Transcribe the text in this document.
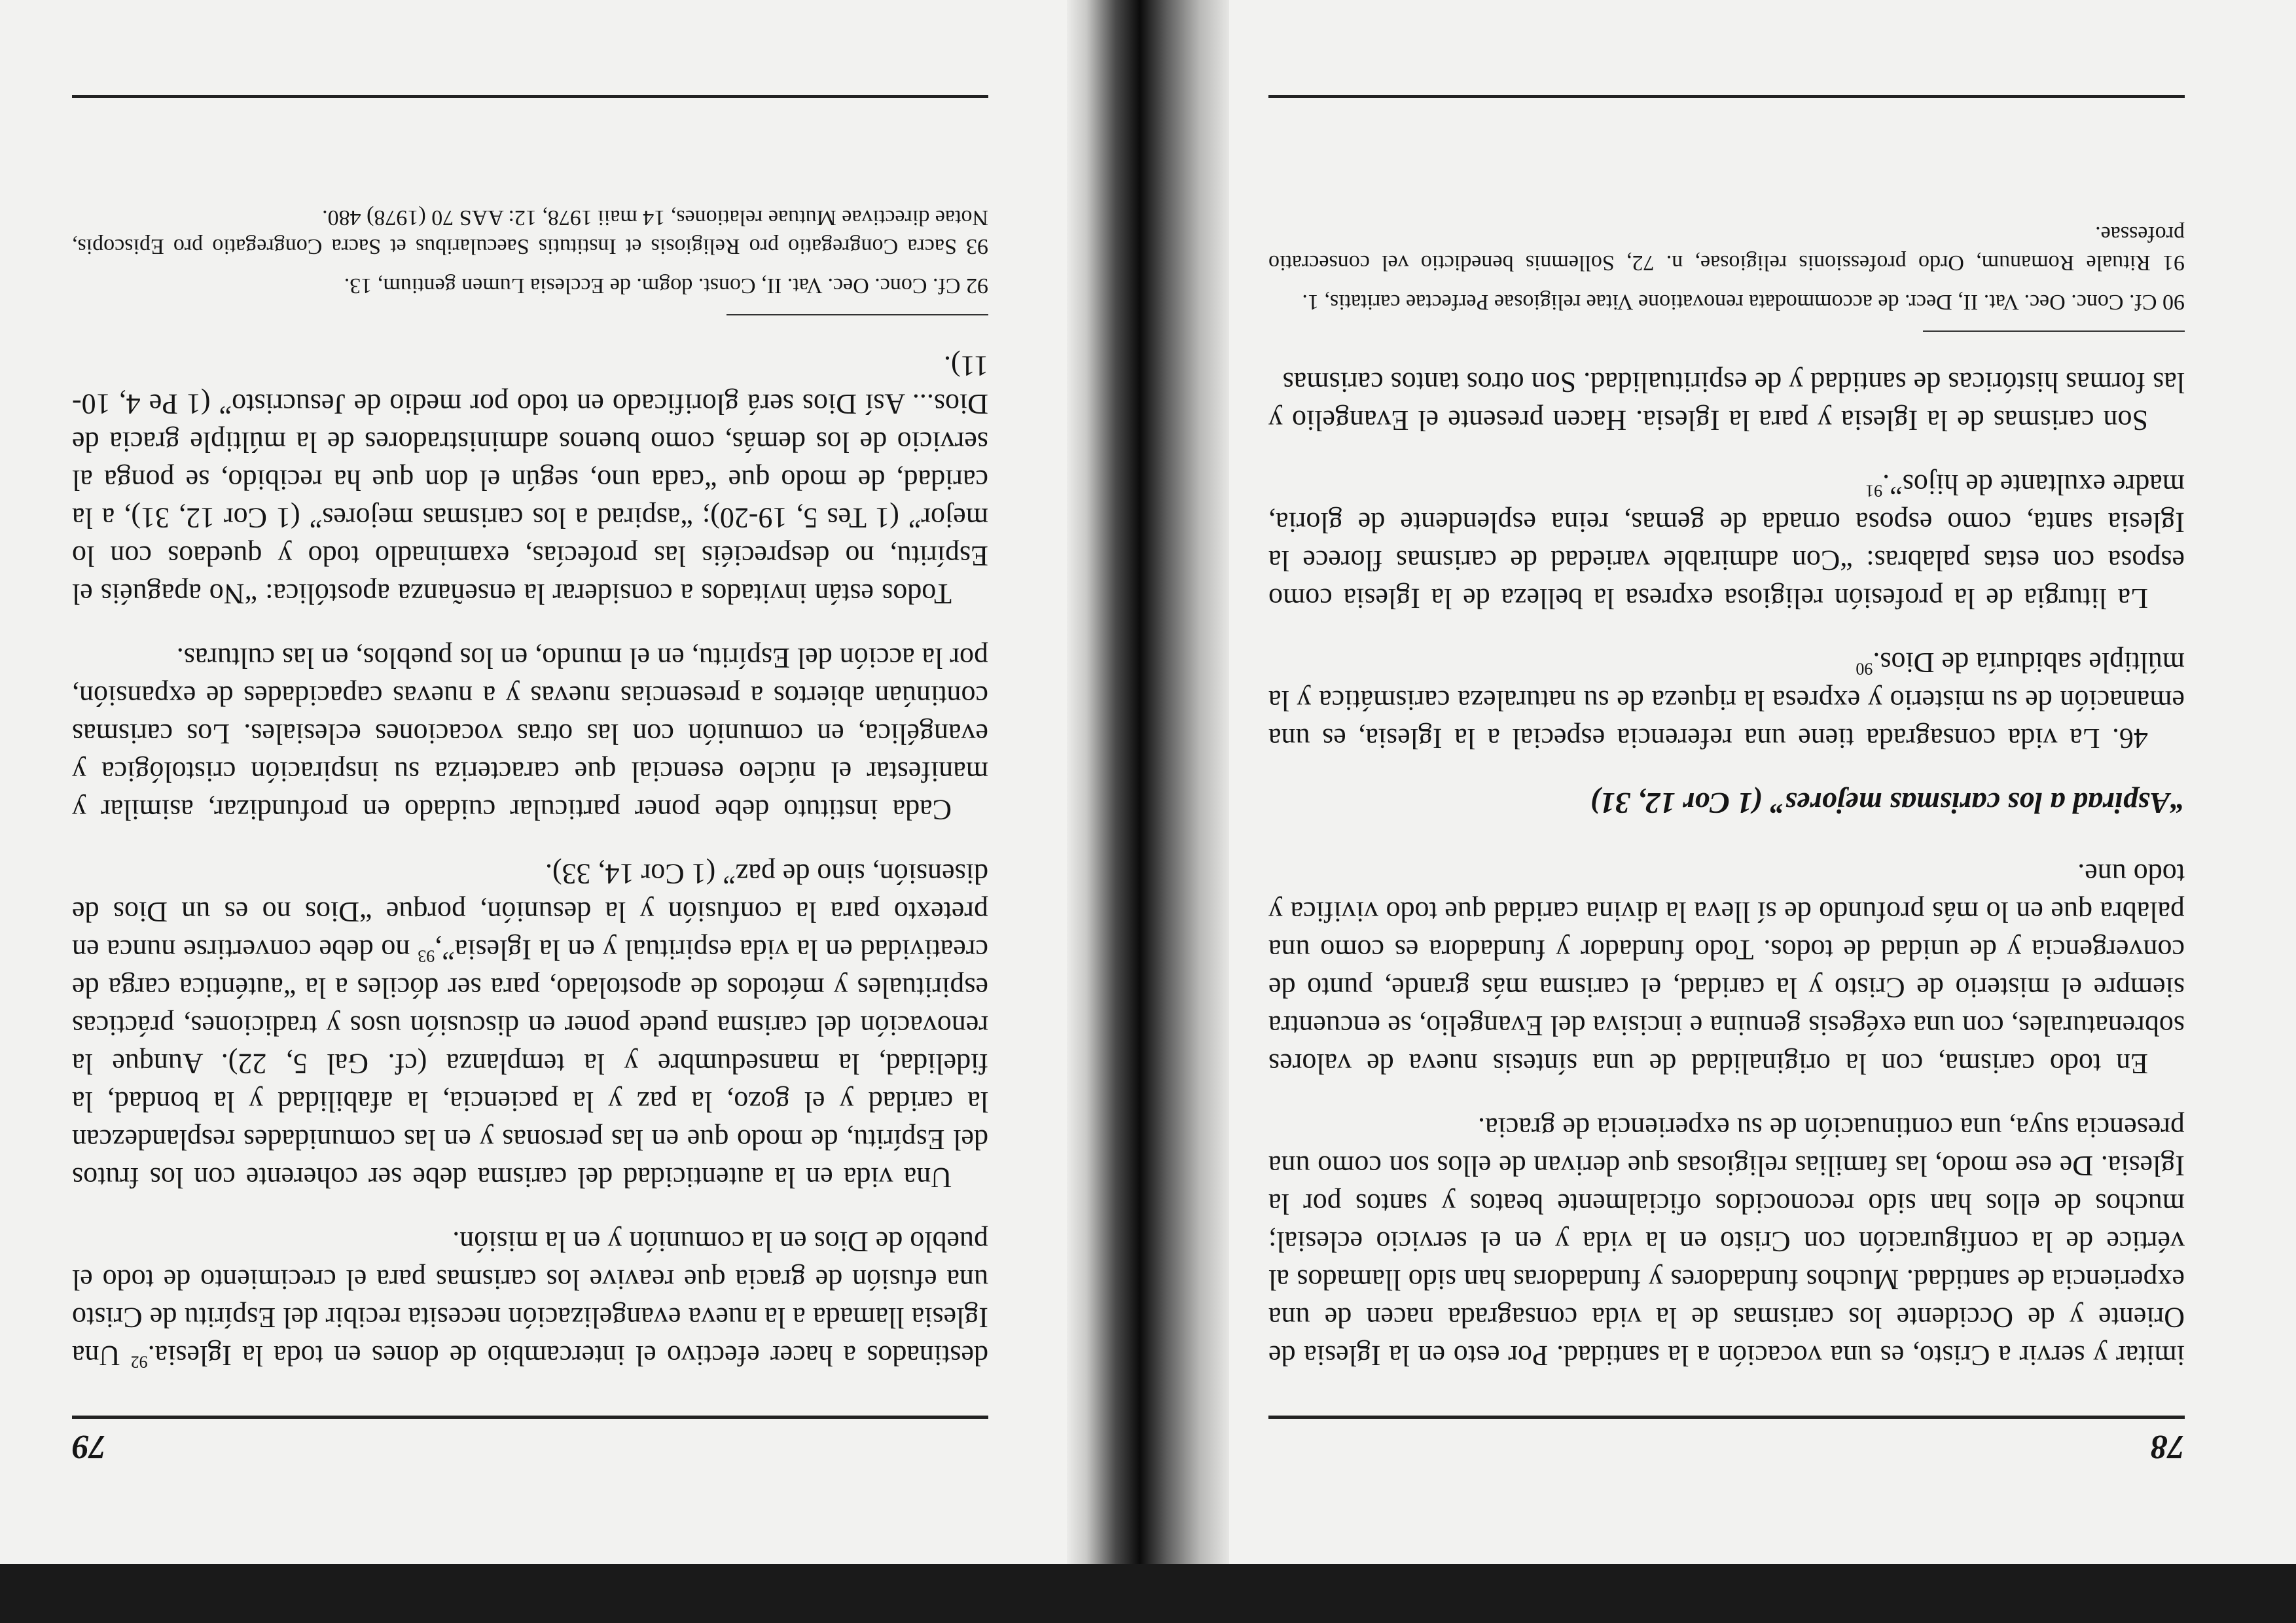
78

imitar y servir a Cristo, es una vocación a la santidad. Por esto en la Iglesia de Oriente y de Occidente los carismas de la vida consagrada nacen de una experiencia de santidad. Muchos fundadores y fundadoras han sido llamados al vértice de la configuración con Cristo en la vida y en el servicio eclesial; muchos de ellos han sido reconocidos oficialmente beatos y santos por la Iglesia. De ese modo, las familias religiosas que derivan de ellos son como una presencia suya, una continuación de su experiencia de gracia.

En todo carisma, con la originalidad de una síntesis nueva de valores sobrenaturales, con una exégesis genuina e incisiva del Evangelio, se encuentra siempre el misterio de Cristo y la caridad, el carisma más grande, punto de convergencia y de unidad de todos. Todo fundador y fundadora es como una palabra que en lo más profundo de sí lleva la divina caridad que todo vivifica y todo une.

“Aspirad a los carismas mejores” (1 Cor 12, 31)

46. La vida consagrada tiene una referencia especial a la Iglesia, es una emanación de su misterio y expresa la riqueza de su naturaleza carismática y la múltiple sabiduría de Dios.$^{90}$

La liturgia de la profesión religiosa expresa la belleza de la Iglesia como esposa con estas palabras: “Con admirable variedad de carismas florece la Iglesia santa, como esposa ornada de gemas, reina esplendente de gloria, madre exultante de hijos”.$^{91}$

Son carismas de la Iglesia y para la Iglesia. Hacen presente el Evangelio y las formas históricas de santidad y de espiritualidad. Son otros tantos carismas

90 Cf. Conc. Oec. Vat. II, Decr. de accommodata renovatione Vitae religiosae Perfectae caritatis, 1.

91 Rituale Romanum, Ordo professionis religiosae, n. 72, Sollemnis benedictio vel consecratio professae.

79

destinados a hacer efectivo el intercambio de dones en toda la Iglesia.$^{92}$ Una Iglesia llamada a la nueva evangelización necesita recibir del Espíritu de Cristo una efusión de gracia que reavive los carismas para el crecimiento de todo el pueblo de Dios en la comunión y en la misión.

Una vida en la autenticidad del carisma debe ser coherente con los frutos del Espíritu, de modo que en las personas y en las comunidades resplandezcan la caridad y el gozo, la paz y la paciencia, la afabilidad y la bondad, la fidelidad, la mansedumbre y la templanza (cf. Gal 5, 22). Aunque la renovación del carisma puede poner en discusión usos y tradiciones, prácticas espirituales y métodos de apostolado, para ser dóciles a la “auténtica carga de creatividad en la vida espiritual y en la Iglesia”,$^{93}$ no debe convertirse nunca en pretexto para la confusión y la desunión, porque “Dios no es un Dios de disensión, sino de paz” (1 Cor 14, 33).

Cada instituto debe poner particular cuidado en profundizar, asimilar y manifestar el núcleo esencial que caracteriza su inspiración cristológica y evangélica, en comunión con las otras vocaciones eclesiales. Los carismas continúan abiertos a presencias nuevas y a nuevas capacidades de expansión, por la acción del Espíritu, en el mundo, en los pueblos, en las culturas.

Todos están invitados a considerar la enseñanza apostólica: “No apaguéis el Espíritu, no despreciéis las profecías, examinadlo todo y quedaos con lo mejor” (1 Tes 5, 19-20); “aspirad a los carismas mejores” (1 Cor 12, 31), a la caridad, de modo que “cada uno, según el don que ha recibido, se ponga al servicio de los demás, como buenos administradores de la múltiple gracia de Dios... Así Dios será glorificado en todo por medio de Jesucristo” (1 Pe 4, 10-11).

92 Cf. Conc. Oec. Vat. II, Const. dogm. de Ecclesia Lumen gentium, 13.

93 Sacra Congregatio pro Religiosis et Institutis Saecularibus et Sacra Congregatio pro Episcopis, Notae directivae Mutuae relationes, 14 maii 1978, 12: AAS 70 (1978) 480.
